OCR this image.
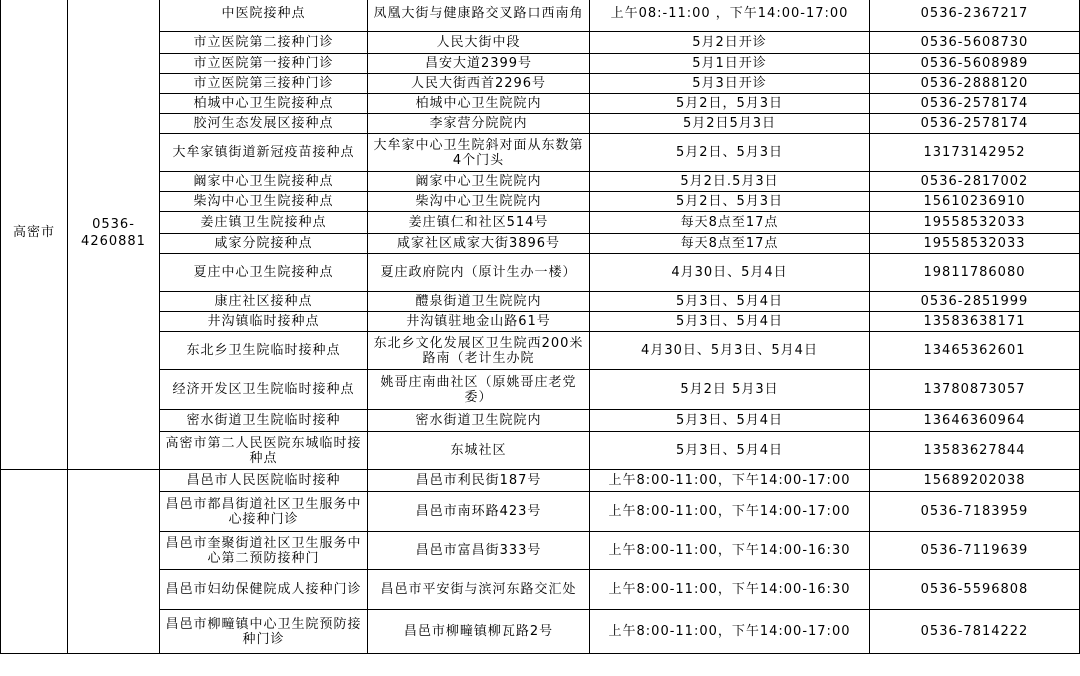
中医院接种点	凤凰大街与健康路交叉路口西南角	上午08:-11:00 ，下午14:00-17:00	0536-2367217
市立医院第二接种门诊	人民大街中段	5月2日开诊	0536-5608730
市立医院第一接种门诊	昌安大道2399号	5月1日开诊	0536-5608989
市立医院第三接种门诊	人民大街西首2296号	5月3日开诊	0536-2888120
柏城中心卫生院接种点	柏城中心卫生院院内	5月2日，5月3日	0536-2578174
胶河生态发展区接种点	李家营分院院内	5月2日5月3日	0536-2578174
大牟家镇街道新冠疫苗接种点	大牟家中心卫生院斜对面从东数第4个门头	5月2日、5月3日	13173142952
阚家中心卫生院接种点	阚家中心卫生院院内	5月2日.5月3日	0536-2817002
柴沟中心卫生院接种点	柴沟中心卫生院院内	5月2日、5月3日	15610236910
姜庄镇卫生院接种点	姜庄镇仁和社区514号	每天8点至17点	19558532033
咸家分院接种点	咸家社区咸家大街3896号	每天8点至17点	19558532033
夏庄中心卫生院接种点	夏庄政府院内（原计生办一楼）	4月30日、5月4日	19811786080
康庄社区接种点	醴泉街道卫生院院内	5月3日、5月4日	0536-2851999
井沟镇临时接种点	井沟镇驻地金山路61号	5月3日、5月4日	13583638171
东北乡卫生院临时接种点	东北乡文化发展区卫生院西200米路南（老计生办院	4月30日、5月3日、5月4日	13465362601
经济开发区卫生院临时接种点	姚哥庄南曲社区（原姚哥庄老党委）	5月2日 5月3日	13780873057
密水街道卫生院临时接种	密水街道卫生院院内	5月3日、5月4日	13646360964
高密市第二人民医院东城临时接种点	东城社区	5月3日、5月4日	13583627844
高密市
0536-
4260881
昌邑市人民医院临时接种	昌邑市利民街187号	上午8:00-11:00，下午14:00-17:00	15689202038
昌邑市都昌街道社区卫生服务中心接种门诊	昌邑市南环路423号	上午8:00-11:00，下午14:00-17:00	0536-7183959
昌邑市奎聚街道社区卫生服务中心第二预防接种门	昌邑市富昌街333号	上午8:00-11:00，下午14:00-16:30	0536-7119639
昌邑市妇幼保健院成人接种门诊	昌邑市平安街与滨河东路交汇处	上午8:00-11:00，下午14:00-16:30	0536-5596808
昌邑市柳疃镇中心卫生院预防接种门诊	昌邑市柳疃镇柳瓦路2号	上午8:00-11:00，下午14:00-17:00	0536-7814222
